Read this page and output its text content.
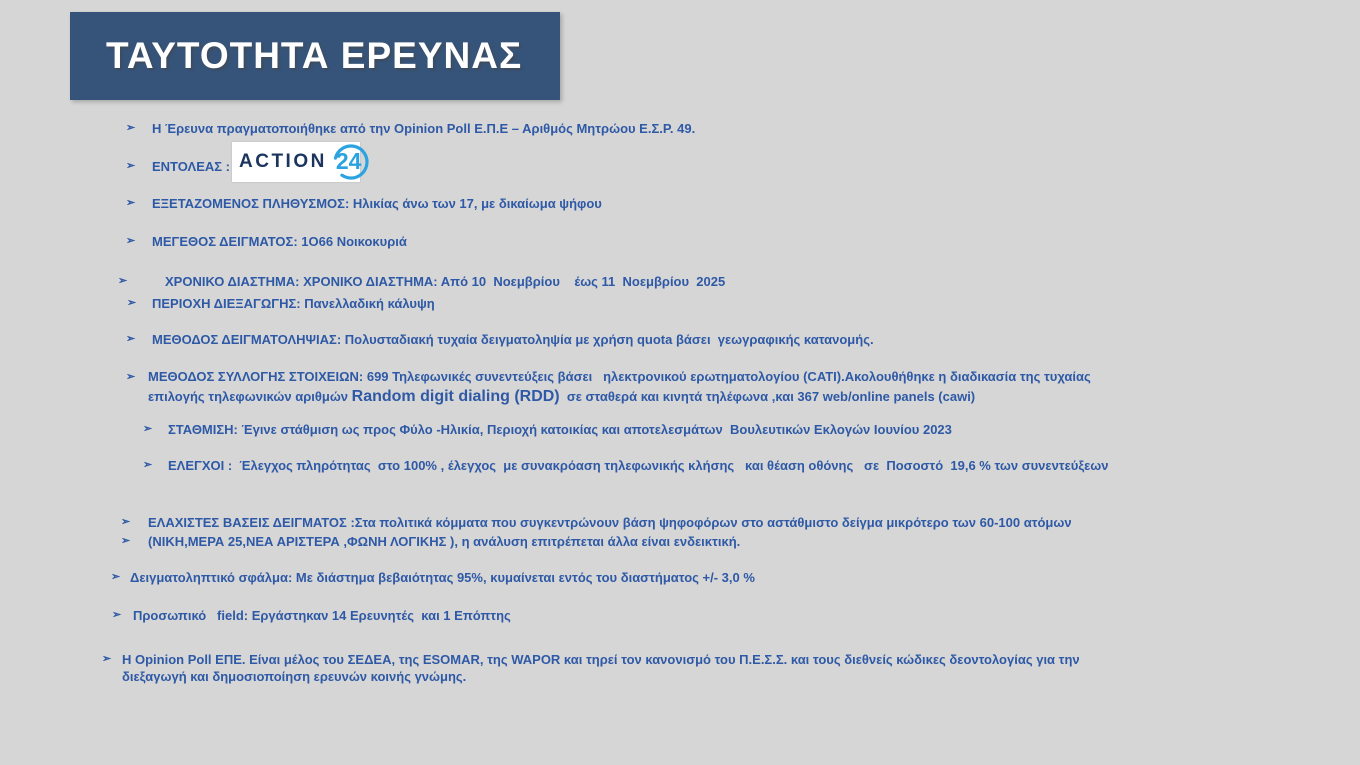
ΤΑΥΤΟΤΗΤΑ ΕΡΕΥΝΑΣ
➢	Η Έρευνα πραγματοποιήθηκε από την Opinion Poll Ε.Π.Ε – Αριθμός Μητρώου Ε.Σ.Ρ. 49.
➢	ΕΝΤΟΛΕΑΣ : ACTION 24
➢	ΕΞΕΤΑΖΟΜΕΝΟΣ ΠΛΗΘΥΣΜΟΣ: Ηλικίας άνω των 17, με δικαίωμα ψήφου
➢	ΜΕΓΕΘΟΣ ΔΕΙΓΜΑΤΟΣ: 1O66 Νοικοκυριά
➢	ΧΡΟΝΙΚΟ ΔΙΑΣΤΗΜΑ: ΧΡΟΝΙΚΟ ΔΙΑΣΤΗΜΑ: Από 10  Νοεμβρίου    έως 11  Νοεμβρίου  2025
➢	ΠΕΡΙΟΧΗ ΔΙΕΞΑΓΩΓΗΣ: Πανελλαδική κάλυψη
➢	ΜΕΘΟΔΟΣ ΔΕΙΓΜΑΤΟΛΗΨΙΑΣ: Πολυσταδιακή τυχαία δειγματοληψία με χρήση quota βάσει  γεωγραφικής κατανομής.
➢ ΜΕΘΟΔΟΣ ΣΥΛΛΟΓΗΣ ΣΤΟΙΧΕΙΩΝ: 699 Τηλεφωνικές συνεντεύξεις βάσει   ηλεκτρονικού ερωτηματολογίου (CATI).Ακολουθήθηκε η διαδικασία της τυχαίας
επιλογής τηλεφωνικών αριθμών Random digit dialing (RDD)  σε σταθερά και κινητά τηλέφωνα ,και 367 web/online panels (cawi)
➢	ΣΤΑΘΜΙΣΗ: Έγινε στάθμιση ως προς Φύλο -Ηλικία, Περιοχή κατοικίας και αποτελεσμάτων  Βουλευτικών Εκλογών Ιουνίου 2023
➢	ΕΛΕΓΧΟΙ :  Έλεγχος πληρότητας  στο 100% , έλεγχος  με συνακρόαση τηλεφωνικής κλήσης   και θέαση οθόνης   σε  Ποσοστό  19,6 % των συνεντεύξεων
➢	ΕΛΑΧΙΣΤΕΣ ΒΑΣΕΙΣ ΔΕΙΓΜΑΤΟΣ :Στα πολιτικά κόμματα που συγκεντρώνουν βάση ψηφοφόρων στο αστάθμιστο δείγμα μικρότερο των 60-100 ατόμων
➢	(ΝΙΚΗ,ΜΕΡΑ 25,ΝΕΑ ΑΡΙΣΤΕΡΑ ,ΦΩΝΗ ΛΟΓΙΚΗΣ ), η ανάλυση επιτρέπεται άλλα είναι ενδεικτική.
➢ Δειγματοληπτικό σφάλμα: Με διάστημα βεβαιότητας 95%, κυμαίνεται εντός του διαστήματος +/- 3,0 %
➢ Προσωπικό   field: Εργάστηκαν 14 Ερευνητές  και 1 Επόπτης
➢ Η Opinion Poll ΕΠΕ. Είναι μέλος του ΣΕΔΕΑ, της ESOMAR, της WAPOR και τηρεί τον κανονισμό του Π.Ε.Σ.Σ. και τους διεθνείς κώδικες δεοντολογίας για την
διεξαγωγή και δημοσιοποίηση ερευνών κοινής γνώμης.
